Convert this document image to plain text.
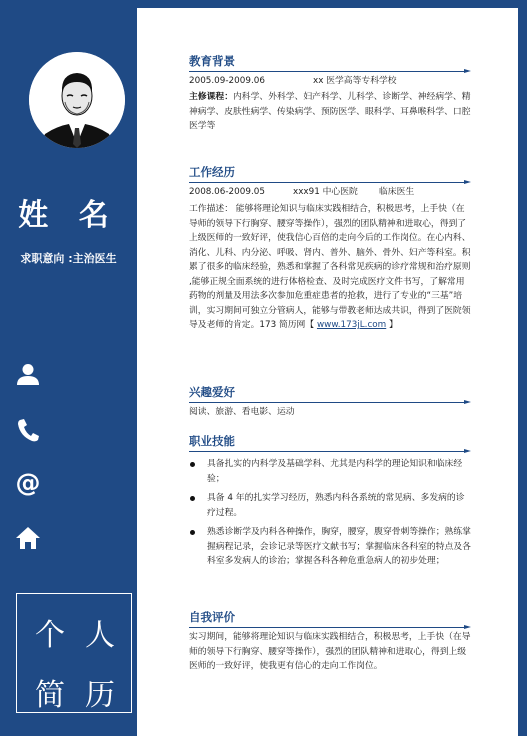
姓 名
求职意向 :主治医生
@
个 人
简 历
教育背景
2005.09-2009.06	xx 医学高等专科学校
主修课程：内科学、外科学、妇产科学、儿科学、诊断学、神经病学、精神病学、皮肤性病学、传染病学、预防医学、眼科学、耳鼻喉科学、口腔医学等
工作经历
2008.06-2009.05	xxx91 中心医院	临床医生
工作描述： 能够将理论知识与临床实践相结合，积极思考，上手快（在导师的领导下行胸穿、腰穿等操作），强烈的团队精神和进取心，得到了上级医师的一致好评，使我信心百倍的走向今后的工作岗位。在心内科、消化、儿科、内分泌、呼吸、肾内、普外、脑外、骨外、妇产等科室。积累了很多的临床经验，熟悉和掌握了各科常见疾病的诊疗常规和治疗原则 ,能够正规全面系统的进行体格检查、及时完成医疗文件书写，了解常用药物的剂量及用法多次参加危重症患者的抢救，进行了专业的“三基”培训，实习期间可独立分管病人，能够与带教老师达成共识，得到了医院领导及老师的肯定。173 简历网【 www.173jL.com 】
兴趣爱好
阅读、旅游、看电影、运动
职业技能
具备扎实的内科学及基础学科、尤其是内科学的理论知识和临床经验；
具备 4 年的扎实学习经历，熟悉内科各系统的常见病、多发病的诊疗过程。
熟悉诊断学及内科各种操作，胸穿，腰穿，腹穿骨刺等操作；熟练掌握病程记录，会诊记录等医疗文献书写；掌握临床各科室的特点及各科室多发病人的诊治；掌握各科各种危重急病人的初步处理；
自我评价
实习期间，能够将理论知识与临床实践相结合，积极思考，上手快（在导师的领导下行胸穿、腰穿等操作），强烈的团队精神和进取心，得到上级医师的一致好评，使我更有信心的走向工作岗位。
